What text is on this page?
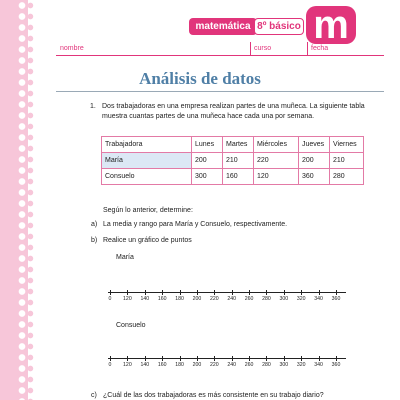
matemática 8º básico m
nombre	curso	fecha
Análisis de datos
1. Dos trabajadoras en una empresa realizan partes de una muñeca. La siguiente tabla muestra cuantas partes de una muñeca hace cada una por semana.
Trabajadora	Lunes	Martes	Miércoles	Jueves	Viernes
María	200	210	220	200	210
Consuelo	300	160	120	360	280
Según lo anterior, determine:
a) La media y rango para María y Consuelo, respectivamente.
b) Realice un gráfico de puntos
María
Consuelo
c) ¿Cuál de las dos trabajadoras es más consistente en su trabajo diario?
0	120	140	160	180	200	220	240	260	280	300	320	340	360
0	120	140	160	180	200	220	240	260	280	300	320	340	360
